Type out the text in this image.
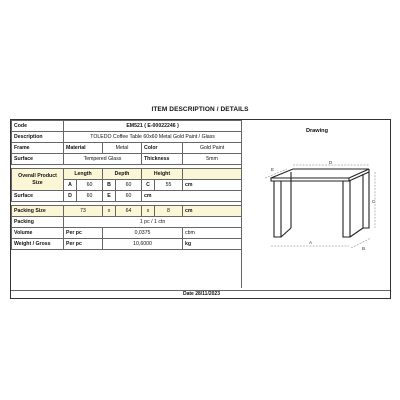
ITEM DESCRIPTION / DETAILS
Code	EM521 ( E-00022246 )						
Description	TOLEDO Coffee Table 60x60 Metal Gold Paint / Glass						
Frame	Material		Metal		Color		Gold Paint
Surface	Tempered Glass				Thickness		5mm

Overall Product Size	Length		Depth		Height		
	A	60	B	60	C	55	cm
Surface	D	60	E	60	cm		

Packing Size	73		x	64	x	8	cm
Packing	1 pc / 1 ctn						
Volume	Per pc		0,0375				cbm
Weight / Gross	Per pc		10,6000				kg
Drawing
A
B
C
D
E
Date 28/11/2023
